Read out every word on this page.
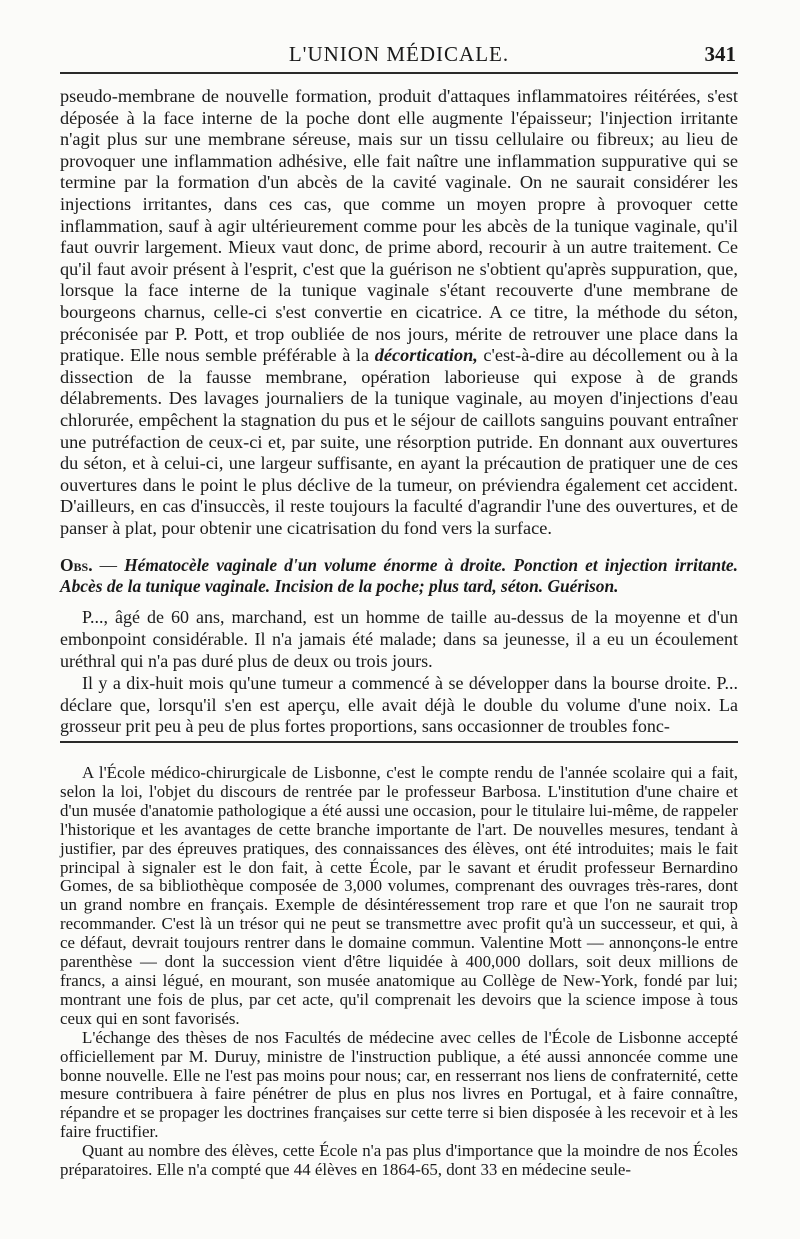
L'UNION MÉDICALE.	341

pseudo-membrane de nouvelle formation, produit d'attaques inflammatoires réitérées, s'est déposée à la face interne de la poche dont elle augmente l'épaisseur; l'injection irritante n'agit plus sur une membrane séreuse, mais sur un tissu cellulaire ou fibreux; au lieu de provoquer une inflammation adhésive, elle fait naître une inflammation suppurative qui se termine par la formation d'un abcès de la cavité vaginale. On ne saurait considérer les injections irritantes, dans ces cas, que comme un moyen propre à provoquer cette inflammation, sauf à agir ultérieurement comme pour les abcès de la tunique vaginale, qu'il faut ouvrir largement. Mieux vaut donc, de prime abord, recourir à un autre traitement. Ce qu'il faut avoir présent à l'esprit, c'est que la guérison ne s'obtient qu'après suppuration, que, lorsque la face interne de la tunique vaginale s'étant recouverte d'une membrane de bourgeons charnus, celle-ci s'est convertie en cicatrice. A ce titre, la méthode du séton, préconisée par P. Pott, et trop oubliée de nos jours, mérite de retrouver une place dans la pratique. Elle nous semble préférable à la décortication, c'est-à-dire au décollement ou à la dissection de la fausse membrane, opération laborieuse qui expose à de grands délabrements. Des lavages journaliers de la tunique vaginale, au moyen d'injections d'eau chlorurée, empêchent la stagnation du pus et le séjour de caillots sanguins pouvant entraîner une putréfaction de ceux-ci et, par suite, une résorption putride. En donnant aux ouvertures du séton, et à celui-ci, une largeur suffisante, en ayant la précaution de pratiquer une de ces ouvertures dans le point le plus déclive de la tumeur, on préviendra également cet accident. D'ailleurs, en cas d'insuccès, il reste toujours la faculté d'agrandir l'une des ouvertures, et de panser à plat, pour obtenir une cicatrisation du fond vers la surface.

Obs. — Hématocèle vaginale d'un volume énorme à droite. Ponction et injection irritante. Abcès de la tunique vaginale. Incision de la poche; plus tard, séton. Guérison.

P..., âgé de 60 ans, marchand, est un homme de taille au-dessus de la moyenne et d'un embonpoint considérable. Il n'a jamais été malade; dans sa jeunesse, il a eu un écoulement uréthral qui n'a pas duré plus de deux ou trois jours.

Il y a dix-huit mois qu'une tumeur a commencé à se développer dans la bourse droite. P... déclare que, lorsqu'il s'en est aperçu, elle avait déjà le double du volume d'une noix. La grosseur prit peu à peu de plus fortes proportions, sans occasionner de troubles fonc-

A l'École médico-chirurgicale de Lisbonne, c'est le compte rendu de l'année scolaire qui a fait, selon la loi, l'objet du discours de rentrée par le professeur Barbosa. L'institution d'une chaire et d'un musée d'anatomie pathologique a été aussi une occasion, pour le titulaire lui-même, de rappeler l'historique et les avantages de cette branche importante de l'art. De nouvelles mesures, tendant à justifier, par des épreuves pratiques, des connaissances des élèves, ont été introduites; mais le fait principal à signaler est le don fait, à cette École, par le savant et érudit professeur Bernardino Gomes, de sa bibliothèque composée de 3,000 volumes, comprenant des ouvrages très-rares, dont un grand nombre en français. Exemple de désintéressement trop rare et que l'on ne saurait trop recommander. C'est là un trésor qui ne peut se transmettre avec profit qu'à un successeur, et qui, à ce défaut, devrait toujours rentrer dans le domaine commun. Valentine Mott — annonçons-le entre parenthèse — dont la succession vient d'être liquidée à 400,000 dollars, soit deux millions de francs, a ainsi légué, en mourant, son musée anatomique au Collège de New-York, fondé par lui; montrant une fois de plus, par cet acte, qu'il comprenait les devoirs que la science impose à tous ceux qui en sont favorisés.

L'échange des thèses de nos Facultés de médecine avec celles de l'École de Lisbonne accepté officiellement par M. Duruy, ministre de l'instruction publique, a été aussi annoncée comme une bonne nouvelle. Elle ne l'est pas moins pour nous; car, en resserrant nos liens de confraternité, cette mesure contribuera à faire pénétrer de plus en plus nos livres en Portugal, et à faire connaître, répandre et se propager les doctrines françaises sur cette terre si bien disposée à les recevoir et à les faire fructifier.

Quant au nombre des élèves, cette École n'a pas plus d'importance que la moindre de nos Écoles préparatoires. Elle n'a compté que 44 élèves en 1864-65, dont 33 en médecine seule-
